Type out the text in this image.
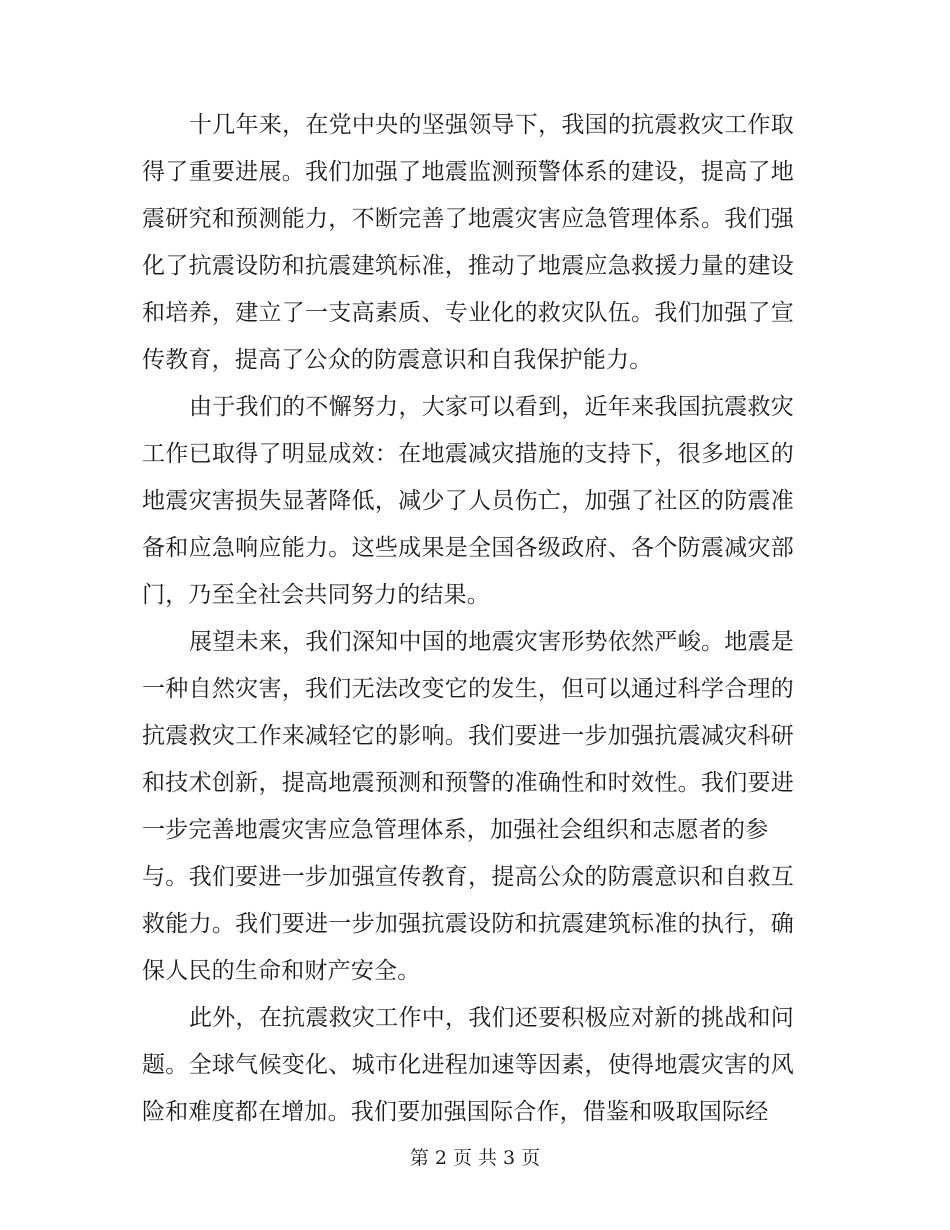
十几年来，在党中央的坚强领导下，我国的抗震救灾工作取
得了重要进展。我们加强了地震监测预警体系的建设，提高了地
震研究和预测能力，不断完善了地震灾害应急管理体系。我们强
化了抗震设防和抗震建筑标准，推动了地震应急救援力量的建设
和培养，建立了一支高素质、专业化的救灾队伍。我们加强了宣
传教育，提高了公众的防震意识和自我保护能力。
由于我们的不懈努力，大家可以看到，近年来我国抗震救灾
工作已取得了明显成效：在地震减灾措施的支持下，很多地区的
地震灾害损失显著降低，减少了人员伤亡，加强了社区的防震准
备和应急响应能力。这些成果是全国各级政府、各个防震减灾部
门，乃至全社会共同努力的结果。
展望未来，我们深知中国的地震灾害形势依然严峻。地震是
一种自然灾害，我们无法改变它的发生，但可以通过科学合理的
抗震救灾工作来减轻它的影响。我们要进一步加强抗震减灾科研
和技术创新，提高地震预测和预警的准确性和时效性。我们要进
一步完善地震灾害应急管理体系，加强社会组织和志愿者的参
与。我们要进一步加强宣传教育，提高公众的防震意识和自救互
救能力。我们要进一步加强抗震设防和抗震建筑标准的执行，确
保人民的生命和财产安全。
此外，在抗震救灾工作中，我们还要积极应对新的挑战和问
题。全球气候变化、城市化进程加速等因素，使得地震灾害的风
险和难度都在增加。我们要加强国际合作，借鉴和吸取国际经
第 2 页 共 3 页
